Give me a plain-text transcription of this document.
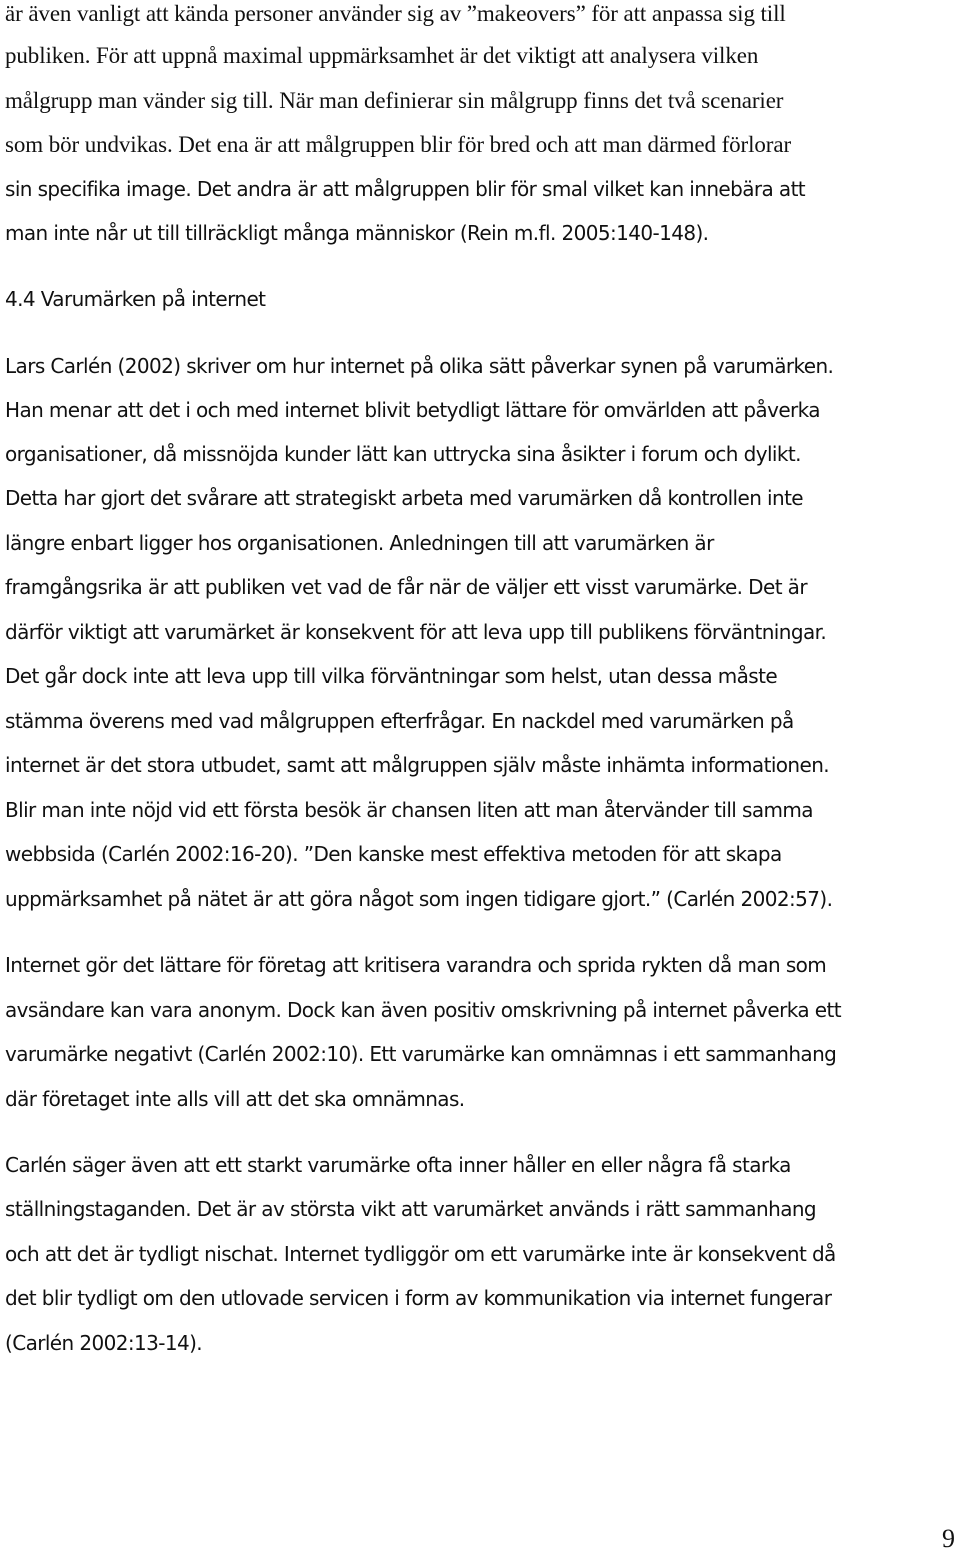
är även vanligt att kända personer använder sig av ”makeovers” för att anpassa sig till
publiken. För att uppnå maximal uppmärksamhet är det viktigt att analysera vilken
målgrupp man vänder sig till. När man definierar sin målgrupp finns det två scenarier
som bör undvikas. Det ena är att målgruppen blir för bred och att man därmed förlorar
sin specifika image. Det andra är att målgruppen blir för smal vilket kan innebära att
man inte når ut till tillräckligt många människor (Rein m.fl. 2005:140-148).
4.4 Varumärken på internet
Lars Carlén (2002) skriver om hur internet på olika sätt påverkar synen på varumärken.
Han menar att det i och med internet blivit betydligt lättare för omvärlden att påverka
organisationer, då missnöjda kunder lätt kan uttrycka sina åsikter i forum och dylikt.
Detta har gjort det svårare att strategiskt arbeta med varumärken då kontrollen inte
längre enbart ligger hos organisationen. Anledningen till att varumärken är
framgångsrika är att publiken vet vad de får när de väljer ett visst varumärke. Det är
därför viktigt att varumärket är konsekvent för att leva upp till publikens förväntningar.
Det går dock inte att leva upp till vilka förväntningar som helst, utan dessa måste
stämma överens med vad målgruppen efterfrågar. En nackdel med varumärken på
internet är det stora utbudet, samt att målgruppen själv måste inhämta informationen.
Blir man inte nöjd vid ett första besök är chansen liten att man återvänder till samma
webbsida (Carlén 2002:16-20). ”Den kanske mest effektiva metoden för att skapa
uppmärksamhet på nätet är att göra något som ingen tidigare gjort.” (Carlén 2002:57).
Internet gör det lättare för företag att kritisera varandra och sprida rykten då man som
avsändare kan vara anonym. Dock kan även positiv omskrivning på internet påverka ett
varumärke negativt (Carlén 2002:10). Ett varumärke kan omnämnas i ett sammanhang
där företaget inte alls vill att det ska omnämnas.
Carlén säger även att ett starkt varumärke ofta inner håller en eller några få starka
ställningstaganden. Det är av största vikt att varumärket används i rätt sammanhang
och att det är tydligt nischat. Internet tydliggör om ett varumärke inte är konsekvent då
det blir tydligt om den utlovade servicen i form av kommunikation via internet fungerar
(Carlén 2002:13-14).
9
